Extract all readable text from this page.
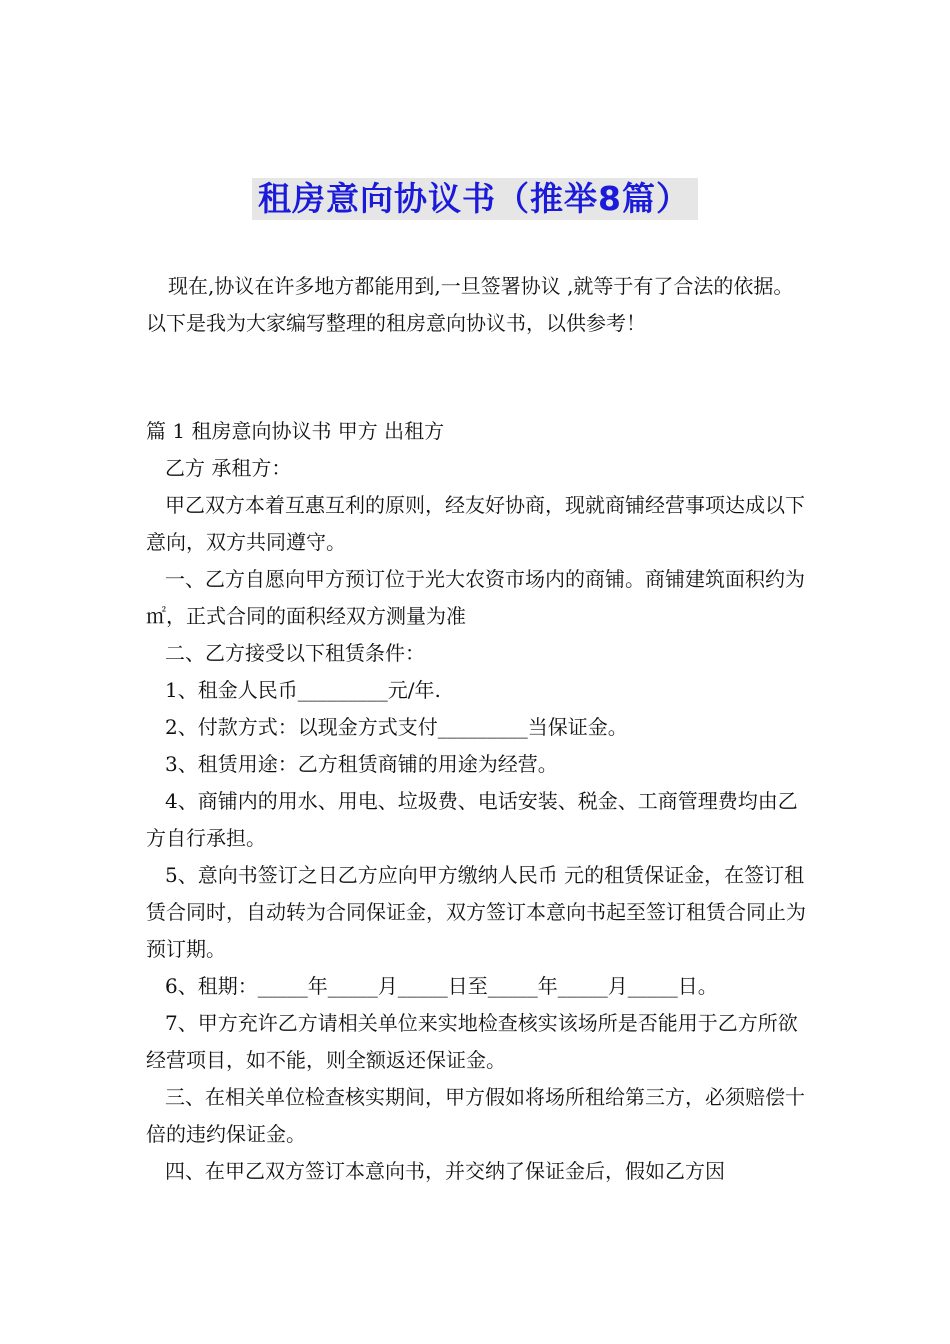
租房意向协议书（推举8篇）

现在,协议在许多地方都能用到,一旦签署协议 ,就等于有了合法的依据。以下是我为大家编写整理的租房意向协议书，以供参考！

篇 1 租房意向协议书 甲方 出租方

乙方 承租方：

甲乙双方本着互惠互利的原则，经友好协商，现就商铺经营事项达成以下意向，双方共同遵守。

一、乙方自愿向甲方预订位于光大农资市场内的商铺。商铺建筑面积约为 ㎡，正式合同的面积经双方测量为准

二、乙方接受以下租赁条件：

1、租金人民币_________元/年.

2、付款方式：以现金方式支付_________当保证金。

3、租赁用途：乙方租赁商铺的用途为经营。

4、商铺内的用水、用电、垃圾费、电话安装、税金、工商管理费均由乙方自行承担。

5、意向书签订之日乙方应向甲方缴纳人民币 元的租赁保证金，在签订租赁合同时，自动转为合同保证金，双方签订本意向书起至签订租赁合同止为预订期。

6、租期：_____年_____月_____日至_____年_____月_____日。

7、甲方充许乙方请相关单位来实地检查核实该场所是否能用于乙方所欲经营项目，如不能，则全额返还保证金。

三、在相关单位检查核实期间，甲方假如将场所租给第三方，必须赔偿十倍的违约保证金。

四、在甲乙双方签订本意向书，并交纳了保证金后，假如乙方因
